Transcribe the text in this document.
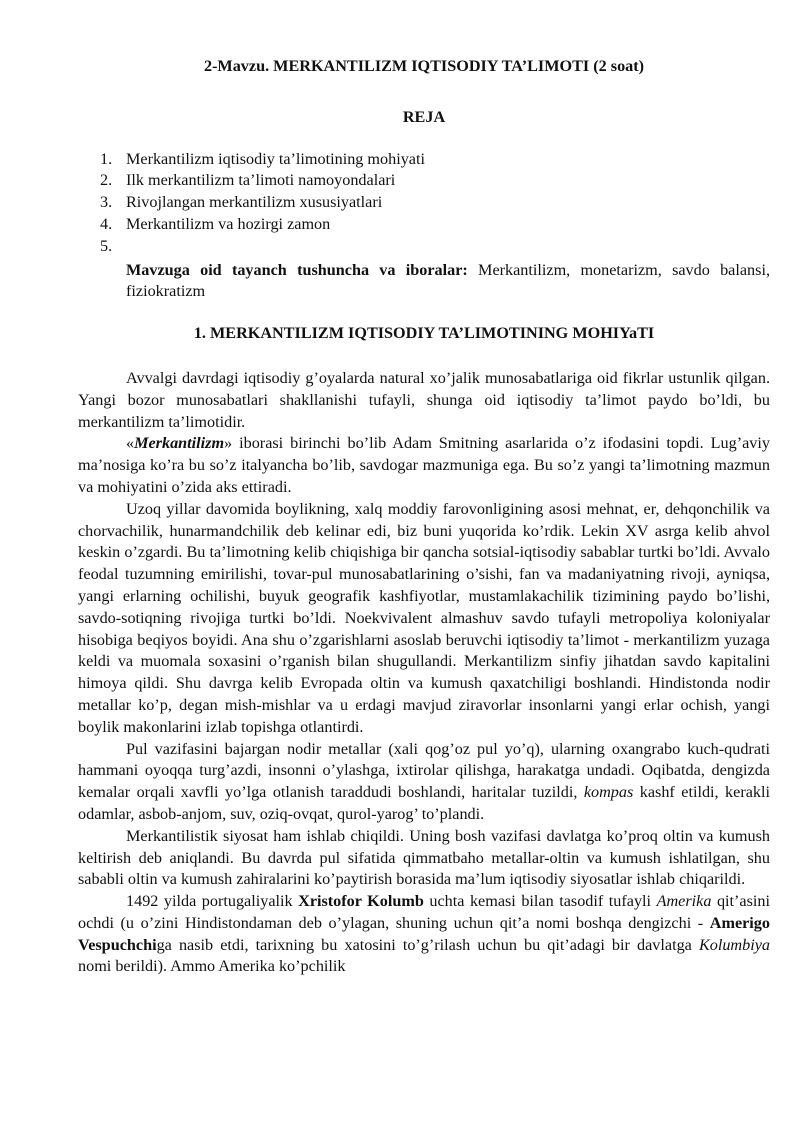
2-Mavzu. MERKANTILIZM IQTISODIY TA’LIMOTI (2 soat)
REJA
1. Merkantilizm iqtisodiy ta’limotining mohiyati
2. Ilk merkantilizm ta’limoti namoyondalari
3. Rivojlangan merkantilizm xususiyatlari
4. Merkantilizm va hozirgi zamon
5.
Mavzuga oid tayanch tushuncha va iboralar: Merkantilizm, monetarizm, savdo balansi, fiziokratizm
1. MERKANTILIZM IQTISODIY TA’LIMOTINING MOHIYaTI

Avvalgi davrdagi iqtisodiy g’oyalarda natural xo’jalik munosabatlariga oid fikrlar ustunlik qilgan. Yangi bozor munosabatlari shakllanishi tufayli, shunga oid iqtisodiy ta’limot paydo bo’ldi, bu merkantilizm ta’limotidir.

«Merkantilizm» iborasi birinchi bo’lib Adam Smitning asarlarida o’z ifodasini topdi. Lug’aviy ma’nosiga ko’ra bu so’z italyancha bo’lib, savdogar mazmuniga ega. Bu so’z yangi ta’limotning mazmun va mohiyatini o’zida aks ettiradi.

Uzoq yillar davomida boylikning, xalq moddiy farovonligining asosi mehnat, er, dehqonchilik va chorvachilik, hunarmandchilik deb kelinar edi, biz buni yuqorida ko’rdik. Lekin XV asrga kelib ahvol keskin o’zgardi. Bu ta’limotning kelib chiqishiga bir qancha sotsial-iqtisodiy sabablar turtki bo’ldi. Avvalo feodal tuzumning emirilishi, tovar-pul munosabatlarining o’sishi, fan va madaniyatning rivoji, ayniqsa, yangi erlarning ochilishi, buyuk geografik kashfiyotlar, mustamlakachilik tizimining paydo bo’lishi, savdo-sotiqning rivojiga turtki bo’ldi. Noekvivalent almashuv savdo tufayli metropoliya koloniyalar hisobiga beqiyos boyidi. Ana shu o’zgarishlarni asoslab beruvchi iqtisodiy ta’limot - merkantilizm yuzaga keldi va muomala soxasini o’rganish bilan shugullandi. Merkantilizm sinfiy jihatdan savdo kapitalini himoya qildi. Shu davrga kelib Evropada oltin va kumush qaxatchiligi boshlandi. Hindistonda nodir metallar ko’p, degan mish-mishlar va u erdagi mavjud ziravorlar insonlarni yangi erlar ochish, yangi boylik makonlarini izlab topishga otlantirdi.

Pul vazifasini bajargan nodir metallar (xali qog’oz pul yo’q), ularning oxangrabo kuch-qudrati hammani oyoqqa turg’azdi, insonni o’ylashga, ixtirolar qilishga, harakatga undadi. Oqibatda, dengizda kemalar orqali xavfli yo’lga otlanish taraddudi boshlandi, haritalar tuzildi, kompas kashf etildi, kerakli odamlar, asbob-anjom, suv, oziq-ovqat, qurol-yarog’ to’plandi.

Merkantilistik siyosat ham ishlab chiqildi. Uning bosh vazifasi davlatga ko’proq oltin va kumush keltirish deb aniqlandi. Bu davrda pul sifatida qimmatbaho metallar-oltin va kumush ishlatilgan, shu sababli oltin va kumush zahiralarini ko’paytirish borasida ma’lum iqtisodiy siyosatlar ishlab chiqarildi.

1492 yilda portugaliyalik Xristofor Kolumb uchta kemasi bilan tasodif tufayli Amerika qit’asini ochdi (u o’zini Hindistondaman deb o’ylagan, shuning uchun qit’a nomi boshqa dengizchi - Amerigo Vespuchchiga nasib etdi, tarixning bu xatosini to’g’rilash uchun bu qit’adagi bir davlatga Kolumbiya nomi berildi). Ammo Amerika ko’pchilik
